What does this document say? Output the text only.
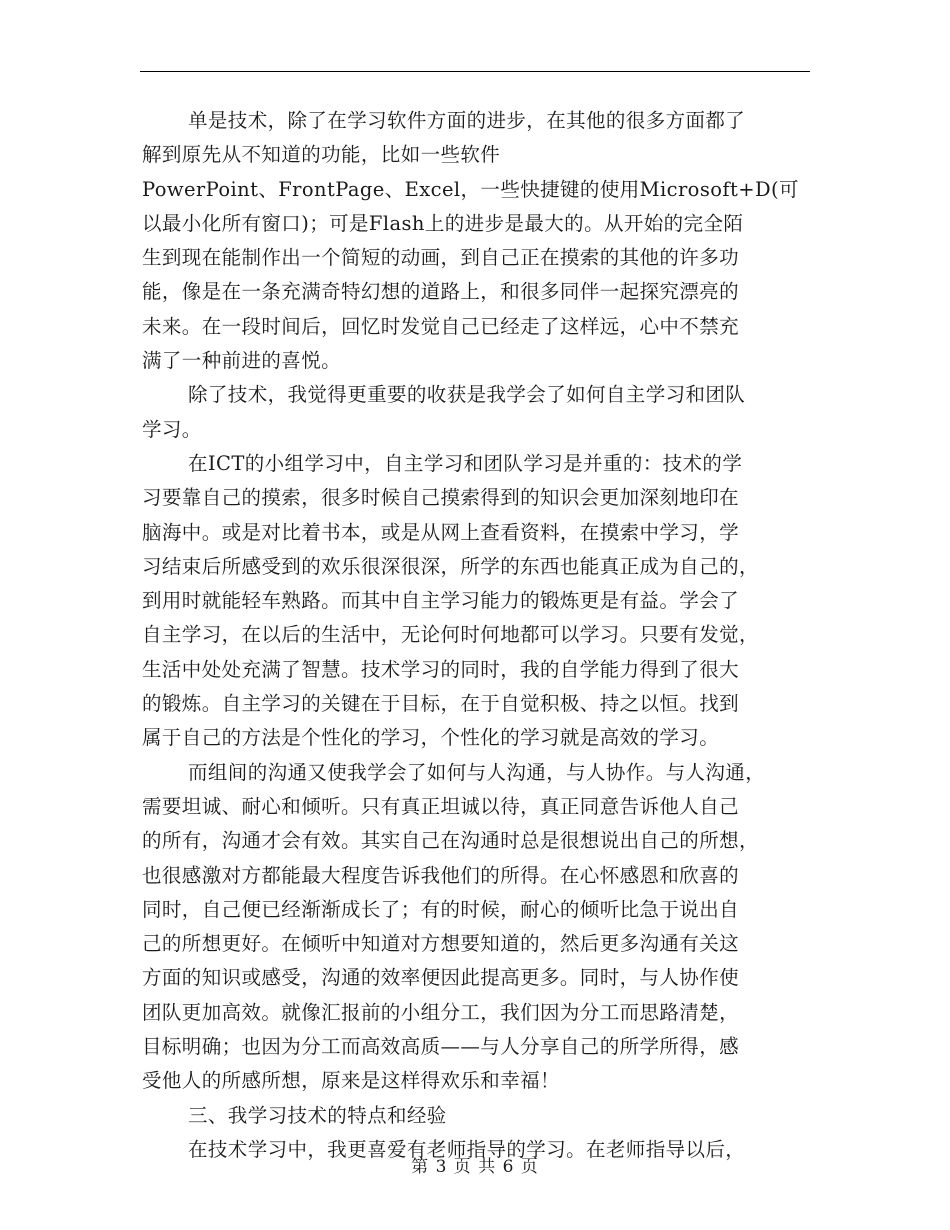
单是技术，除了在学习软件方面的进步，在其他的很多方面都了
解到原先从不知道的功能，比如一些软件
PowerPoint、FrontPage、Excel，一些快捷键的使用Microsoft+D(可
以最小化所有窗口)；可是Flash上的进步是最大的。从开始的完全陌
生到现在能制作出一个简短的动画，到自己正在摸索的其他的许多功
能，像是在一条充满奇特幻想的道路上，和很多同伴一起探究漂亮的
未来。在一段时间后，回忆时发觉自己已经走了这样远，心中不禁充
满了一种前进的喜悦。
除了技术，我觉得更重要的收获是我学会了如何自主学习和团队
学习。
在ICT的小组学习中，自主学习和团队学习是并重的：技术的学
习要靠自己的摸索，很多时候自己摸索得到的知识会更加深刻地印在
脑海中。或是对比着书本，或是从网上查看资料，在摸索中学习，学
习结束后所感受到的欢乐很深很深，所学的东西也能真正成为自己的，
到用时就能轻车熟路。而其中自主学习能力的锻炼更是有益。学会了
自主学习，在以后的生活中，无论何时何地都可以学习。只要有发觉，
生活中处处充满了智慧。技术学习的同时，我的自学能力得到了很大
的锻炼。自主学习的关键在于目标，在于自觉积极、持之以恒。找到
属于自己的方法是个性化的学习，个性化的学习就是高效的学习。
而组间的沟通又使我学会了如何与人沟通，与人协作。与人沟通，
需要坦诚、耐心和倾听。只有真正坦诚以待，真正同意告诉他人自己
的所有，沟通才会有效。其实自己在沟通时总是很想说出自己的所想，
也很感激对方都能最大程度告诉我他们的所得。在心怀感恩和欣喜的
同时，自己便已经渐渐成长了；有的时候，耐心的倾听比急于说出自
己的所想更好。在倾听中知道对方想要知道的，然后更多沟通有关这
方面的知识或感受，沟通的效率便因此提高更多。同时，与人协作使
团队更加高效。就像汇报前的小组分工，我们因为分工而思路清楚，
目标明确；也因为分工而高效高质——与人分享自己的所学所得，感
受他人的所感所想，原来是这样得欢乐和幸福！
三、我学习技术的特点和经验
在技术学习中，我更喜爱有老师指导的学习。在老师指导以后，
第 3 页 共 6 页
